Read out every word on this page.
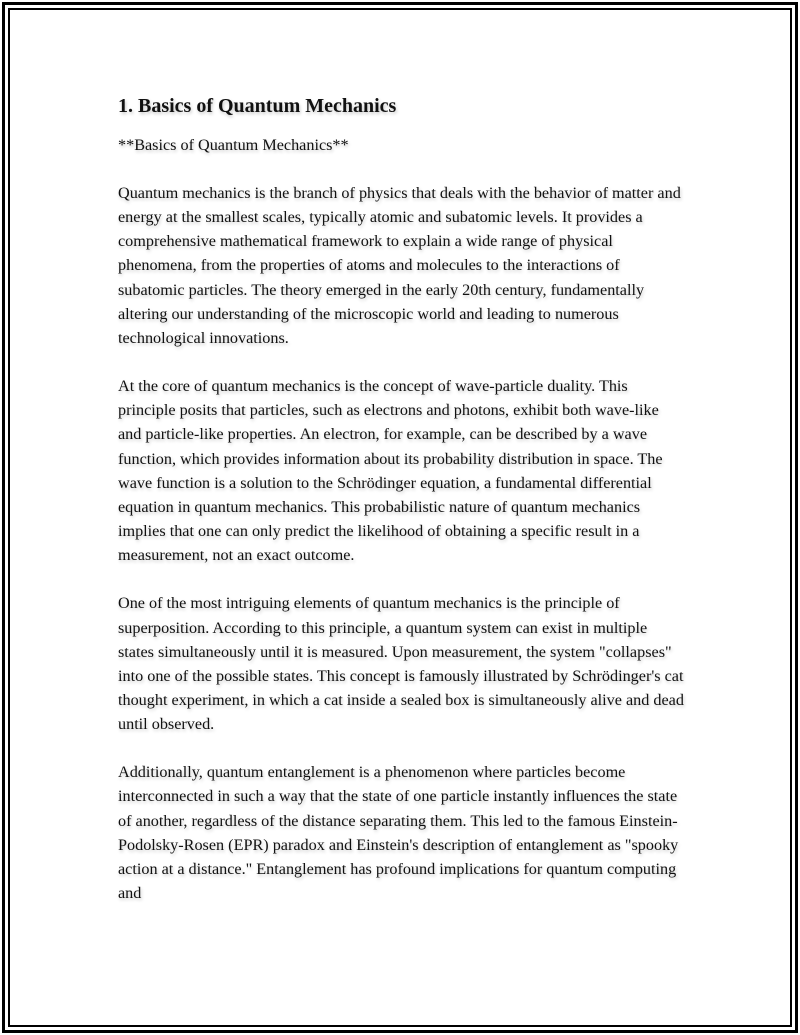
1. Basics of Quantum Mechanics
**Basics of Quantum Mechanics**

Quantum mechanics is the branch of physics that deals with the behavior of matter and energy at the smallest scales, typically atomic and subatomic levels. It provides a comprehensive mathematical framework to explain a wide range of physical phenomena, from the properties of atoms and molecules to the interactions of subatomic particles. The theory emerged in the early 20th century, fundamentally altering our understanding of the microscopic world and leading to numerous technological innovations.

At the core of quantum mechanics is the concept of wave-particle duality. This principle posits that particles, such as electrons and photons, exhibit both wave-like and particle-like properties. An electron, for example, can be described by a wave function, which provides information about its probability distribution in space. The wave function is a solution to the Schrödinger equation, a fundamental differential equation in quantum mechanics. This probabilistic nature of quantum mechanics implies that one can only predict the likelihood of obtaining a specific result in a measurement, not an exact outcome.

One of the most intriguing elements of quantum mechanics is the principle of superposition. According to this principle, a quantum system can exist in multiple states simultaneously until it is measured. Upon measurement, the system "collapses" into one of the possible states. This concept is famously illustrated by Schrödinger's cat thought experiment, in which a cat inside a sealed box is simultaneously alive and dead until observed.

Additionally, quantum entanglement is a phenomenon where particles become interconnected in such a way that the state of one particle instantly influences the state of another, regardless of the distance separating them. This led to the famous Einstein-Podolsky-Rosen (EPR) paradox and Einstein's description of entanglement as "spooky action at a distance." Entanglement has profound implications for quantum computing and
